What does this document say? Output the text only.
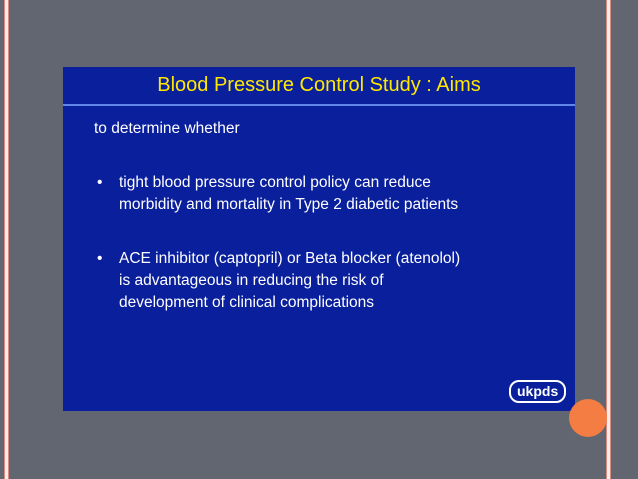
Blood Pressure Control Study : Aims
to determine whether
• tight blood pressure control policy can reduce
morbidity and mortality in Type 2 diabetic patients
• ACE inhibitor (captopril) or Beta blocker (atenolol)
is advantageous in reducing the risk of
development of clinical complications
ukpds
